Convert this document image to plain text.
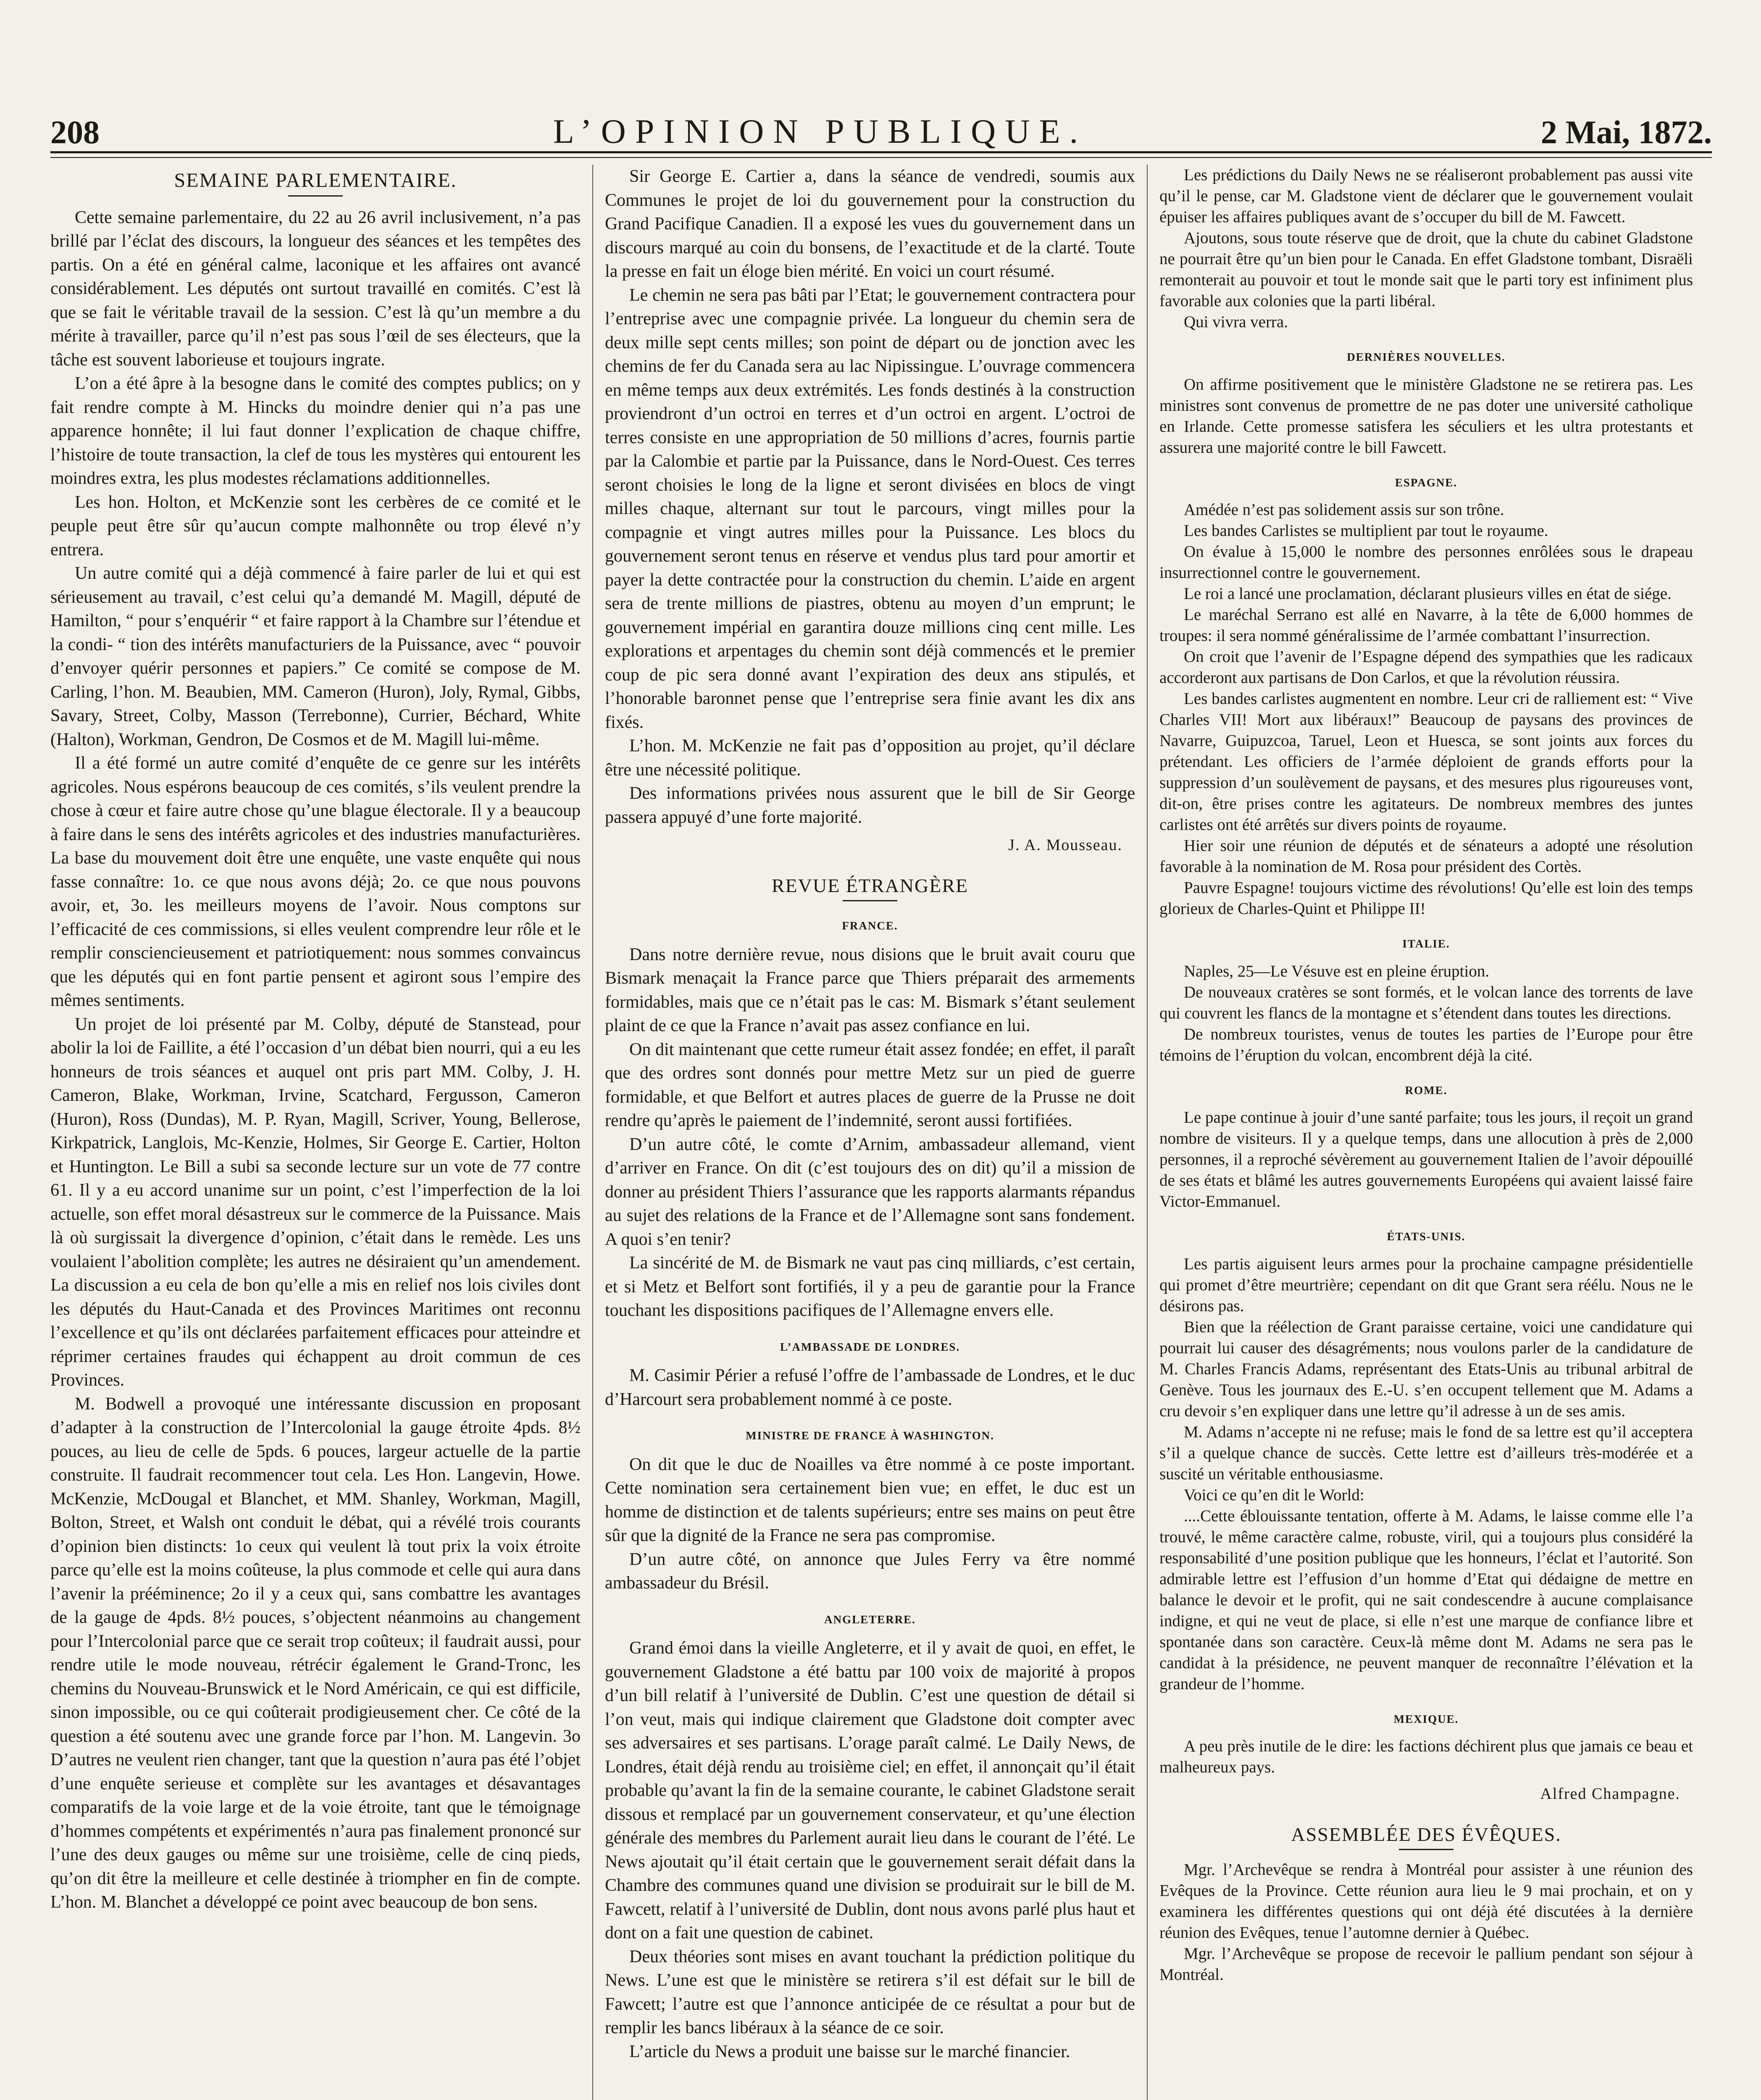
208	L’OPINION PUBLIQUE.	2 Mai, 1872.
SEMAINE PARLEMENTAIRE.

Cette semaine parlementaire, du 22 au 26 avril inclusivement, n’a pas brillé par l’éclat des discours, la longueur des séances et les tempêtes des partis. On a été en général calme, laconique et les affaires ont avancé considérablement. Les députés ont surtout travaillé en comités. C’est là que se fait le véritable travail de la session. C’est là qu’un membre a du mérite à travailler, parce qu’il n’est pas sous l’œil de ses électeurs, que la tâche est souvent laborieuse et toujours ingrate.

L’on a été âpre à la besogne dans le comité des comptes publics; on y fait rendre compte à M. Hincks du moindre denier qui n’a pas une apparence honnête; il lui faut donner l’explication de chaque chiffre, l’histoire de toute transaction, la clef de tous les mystères qui entourent les moindres extra, les plus modestes réclamations additionnelles.

Les hon. Holton, et McKenzie sont les cerbères de ce comité et le peuple peut être sûr qu’aucun compte malhonnête ou trop élevé n’y entrera.

Un autre comité qui a déjà commencé à faire parler de lui et qui est sérieusement au travail, c’est celui qu’a demandé M. Magill, député de Hamilton, “ pour s’enquérir “ et faire rapport à la Chambre sur l’étendue et la condi- “ tion des intérêts manufacturiers de la Puissance, avec “ pouvoir d’envoyer quérir personnes et papiers.” Ce comité se compose de M. Carling, l’hon. M. Beaubien, MM. Cameron (Huron), Joly, Rymal, Gibbs, Savary, Street, Colby, Masson (Terrebonne), Currier, Béchard, White (Halton), Workman, Gendron, De Cosmos et de M. Magill lui-même.

Il a été formé un autre comité d’enquête de ce genre sur les intérêts agricoles. Nous espérons beaucoup de ces comités, s’ils veulent prendre la chose à cœur et faire autre chose qu’une blague électorale. Il y a beaucoup à faire dans le sens des intérêts agricoles et des industries manufacturières. La base du mouvement doit être une enquête, une vaste enquête qui nous fasse connaître: 1o. ce que nous avons déjà; 2o. ce que nous pouvons avoir, et, 3o. les meilleurs moyens de l’avoir. Nous comptons sur l’efficacité de ces commissions, si elles veulent comprendre leur rôle et le remplir consciencieusement et patriotiquement: nous sommes convaincus que les députés qui en font partie pensent et agiront sous l’empire des mêmes sentiments.

Un projet de loi présenté par M. Colby, député de Stanstead, pour abolir la loi de Faillite, a été l’occasion d’un débat bien nourri, qui a eu les honneurs de trois séances et auquel ont pris part MM. Colby, J. H. Cameron, Blake, Workman, Irvine, Scatchard, Fergusson, Cameron (Huron), Ross (Dundas), M. P. Ryan, Magill, Scriver, Young, Bellerose, Kirkpatrick, Langlois, Mc-Kenzie, Holmes, Sir George E. Cartier, Holton et Huntington. Le Bill a subi sa seconde lecture sur un vote de 77 contre 61. Il y a eu accord unanime sur un point, c’est l’imperfection de la loi actuelle, son effet moral désastreux sur le commerce de la Puissance. Mais là où surgissait la divergence d’opinion, c’était dans le remède. Les uns voulaient l’abolition complète; les autres ne désiraient qu’un amendement. La discussion a eu cela de bon qu’elle a mis en relief nos lois civiles dont les députés du Haut-Canada et des Provinces Maritimes ont reconnu l’excellence et qu’ils ont déclarées parfaitement efficaces pour atteindre et réprimer certaines fraudes qui échappent au droit commun de ces Provinces.

M. Bodwell a provoqué une intéressante discussion en proposant d’adapter à la construction de l’Intercolonial la gauge étroite 4pds. 8½ pouces, au lieu de celle de 5pds. 6 pouces, largeur actuelle de la partie construite. Il faudrait recommencer tout cela. Les Hon. Langevin, Howe. McKenzie, McDougal et Blanchet, et MM. Shanley, Workman, Magill, Bolton, Street, et Walsh ont conduit le débat, qui a révélé trois courants d’opinion bien distincts: 1o ceux qui veulent là tout prix la voix étroite parce qu’elle est la moins coûteuse, la plus commode et celle qui aura dans l’avenir la prééminence; 2o il y a ceux qui, sans combattre les avantages de la gauge de 4pds. 8½ pouces, s’objectent néanmoins au changement pour l’Intercolonial parce que ce serait trop coûteux; il faudrait aussi, pour rendre utile le mode nouveau, rétrécir également le Grand-Tronc, les chemins du Nouveau-Brunswick et le Nord Américain, ce qui est difficile, sinon impossible, ou ce qui coûterait prodigieusement cher. Ce côté de la question a été soutenu avec une grande force par l’hon. M. Langevin. 3o D’autres ne veulent rien changer, tant que la question n’aura pas été l’objet d’une enquête serieuse et complète sur les avantages et désavantages comparatifs de la voie large et de la voie étroite, tant que le témoignage d’hommes compétents et expérimentés n’aura pas finalement prononcé sur l’une des deux gauges ou même sur une troisième, celle de cinq pieds, qu’on dit être la meilleure et celle destinée à triompher en fin de compte. L’hon. M. Blanchet a développé ce point avec beaucoup de bon sens.

Sir George E. Cartier a, dans la séance de vendredi, soumis aux Communes le projet de loi du gouvernement pour la construction du Grand Pacifique Canadien. Il a exposé les vues du gouvernement dans un discours marqué au coin du bonsens, de l’exactitude et de la clarté. Toute la presse en fait un éloge bien mérité. En voici un court résumé.

Le chemin ne sera pas bâti par l’Etat; le gouvernement contractera pour l’entreprise avec une compagnie privée. La longueur du chemin sera de deux mille sept cents milles; son point de départ ou de jonction avec les chemins de fer du Canada sera au lac Nipissingue. L’ouvrage commencera en même temps aux deux extrémités. Les fonds destinés à la construction proviendront d’un octroi en terres et d’un octroi en argent. L’octroi de terres consiste en une appropriation de 50 millions d’acres, fournis partie par la Calombie et partie par la Puissance, dans le Nord-Ouest. Ces terres seront choisies le long de la ligne et seront divisées en blocs de vingt milles chaque, alternant sur tout le parcours, vingt milles pour la compagnie et vingt autres milles pour la Puissance. Les blocs du gouvernement seront tenus en réserve et vendus plus tard pour amortir et payer la dette contractée pour la construction du chemin. L’aide en argent sera de trente millions de piastres, obtenu au moyen d’un emprunt; le gouvernement impérial en garantira douze millions cinq cent mille. Les explorations et arpentages du chemin sont déjà commencés et le premier coup de pic sera donné avant l’expiration des deux ans stipulés, et l’honorable baronnet pense que l’entreprise sera finie avant les dix ans fixés.

L’hon. M. McKenzie ne fait pas d’opposition au projet, qu’il déclare être une nécessité politique.

Des informations privées nous assurent que le bill de Sir George passera appuyé d’une forte majorité.

J. A. Mousseau.
REVUE ÉTRANGÈRE
FRANCE.

Dans notre dernière revue, nous disions que le bruit avait couru que Bismark menaçait la France parce que Thiers préparait des armements formidables, mais que ce n’était pas le cas: M. Bismark s’étant seulement plaint de ce que la France n’avait pas assez confiance en lui.

On dit maintenant que cette rumeur était assez fondée; en effet, il paraît que des ordres sont donnés pour mettre Metz sur un pied de guerre formidable, et que Belfort et autres places de guerre de la Prusse ne doit rendre qu’après le paiement de l’indemnité, seront aussi fortifiées.

D’un autre côté, le comte d’Arnim, ambassadeur allemand, vient d’arriver en France. On dit (c’est toujours des on dit) qu’il a mission de donner au président Thiers l’assurance que les rapports alarmants répandus au sujet des relations de la France et de l’Allemagne sont sans fondement. A quoi s’en tenir?

La sincérité de M. de Bismark ne vaut pas cinq milliards, c’est certain, et si Metz et Belfort sont fortifiés, il y a peu de garantie pour la France touchant les dispositions pacifiques de l’Allemagne envers elle.

L’AMBASSADE DE LONDRES.

M. Casimir Périer a refusé l’offre de l’ambassade de Londres, et le duc d’Harcourt sera probablement nommé à ce poste.

MINISTRE DE FRANCE À WASHINGTON.

On dit que le duc de Noailles va être nommé à ce poste important. Cette nomination sera certainement bien vue; en effet, le duc est un homme de distinction et de talents supérieurs; entre ses mains on peut être sûr que la dignité de la France ne sera pas compromise.

D’un autre côté, on annonce que Jules Ferry va être nommé ambassadeur du Brésil.

ANGLETERRE.

Grand émoi dans la vieille Angleterre, et il y avait de quoi, en effet, le gouvernement Gladstone a été battu par 100 voix de majorité à propos d’un bill relatif à l’université de Dublin. C’est une question de détail si l’on veut, mais qui indique clairement que Gladstone doit compter avec ses adversaires et ses partisans. L’orage paraît calmé. Le Daily News, de Londres, était déjà rendu au troisième ciel; en effet, il annonçait qu’il était probable qu’avant la fin de la semaine courante, le cabinet Gladstone serait dissous et remplacé par un gouvernement conservateur, et qu’une élection générale des membres du Parlement aurait lieu dans le courant de l’été. Le News ajoutait qu’il était certain que le gouvernement serait défait dans la Chambre des communes quand une division se produirait sur le bill de M. Fawcett, relatif à l’université de Dublin, dont nous avons parlé plus haut et dont on a fait une question de cabinet.

Deux théories sont mises en avant touchant la prédiction politique du News. L’une est que le ministère se retirera s’il est défait sur le bill de Fawcett; l’autre est que l’annonce anticipée de ce résultat a pour but de remplir les bancs libéraux à la séance de ce soir.

L’article du News a produit une baisse sur le marché financier.

Les prédictions du Daily News ne se réaliseront probablement pas aussi vite qu’il le pense, car M. Gladstone vient de déclarer que le gouvernement voulait épuiser les affaires publiques avant de s’occuper du bill de M. Fawcett.

Ajoutons, sous toute réserve que de droit, que la chute du cabinet Gladstone ne pourrait être qu’un bien pour le Canada. En effet Gladstone tombant, Disraëli remonterait au pouvoir et tout le monde sait que le parti tory est infiniment plus favorable aux colonies que la parti libéral.

Qui vivra verra.

DERNIÈRES NOUVELLES.

On affirme positivement que le ministère Gladstone ne se retirera pas. Les ministres sont convenus de promettre de ne pas doter une université catholique en Irlande. Cette promesse satisfera les séculiers et les ultra protestants et assurera une majorité contre le bill Fawcett.

ESPAGNE.

Amédée n’est pas solidement assis sur son trône.

Les bandes Carlistes se multiplient par tout le royaume.

On évalue à 15,000 le nombre des personnes enrôlées sous le drapeau insurrectionnel contre le gouvernement.

Le roi a lancé une proclamation, déclarant plusieurs villes en état de siége.

Le maréchal Serrano est allé en Navarre, à la tête de 6,000 hommes de troupes: il sera nommé généralissime de l’armée combattant l’insurrection.

On croit que l’avenir de l’Espagne dépend des sympathies que les radicaux accorderont aux partisans de Don Carlos, et que la révolution réussira.

Les bandes carlistes augmentent en nombre. Leur cri de ralliement est: “ Vive Charles VII! Mort aux libéraux!” Beaucoup de paysans des provinces de Navarre, Guipuzcoa, Taruel, Leon et Huesca, se sont joints aux forces du prétendant. Les officiers de l’armée déploient de grands efforts pour la suppression d’un soulèvement de paysans, et des mesures plus rigoureuses vont, dit-on, être prises contre les agitateurs. De nombreux membres des juntes carlistes ont été arrêtés sur divers points de royaume.

Hier soir une réunion de députés et de sénateurs a adopté une résolution favorable à la nomination de M. Rosa pour président des Cortès.

Pauvre Espagne! toujours victime des révolutions! Qu’elle est loin des temps glorieux de Charles-Quint et Philippe II!

ITALIE.

Naples, 25—Le Vésuve est en pleine éruption.

De nouveaux cratères se sont formés, et le volcan lance des torrents de lave qui couvrent les flancs de la montagne et s’étendent dans toutes les directions.

De nombreux touristes, venus de toutes les parties de l’Europe pour être témoins de l’éruption du volcan, encombrent déjà la cité.

ROME.

Le pape continue à jouir d’une santé parfaite; tous les jours, il reçoit un grand nombre de visiteurs. Il y a quelque temps, dans une allocution à près de 2,000 personnes, il a reproché sévèrement au gouvernement Italien de l’avoir dépouillé de ses états et blâmé les autres gouvernements Européens qui avaient laissé faire Victor-Emmanuel.

ÉTATS-UNIS.

Les partis aiguisent leurs armes pour la prochaine campagne présidentielle qui promet d’être meurtrière; cependant on dit que Grant sera réélu. Nous ne le désirons pas.

Bien que la réélection de Grant paraisse certaine, voici une candidature qui pourrait lui causer des désagréments; nous voulons parler de la candidature de M. Charles Francis Adams, représentant des Etats-Unis au tribunal arbitral de Genève. Tous les journaux des E.-U. s’en occupent tellement que M. Adams a cru devoir s’en expliquer dans une lettre qu’il adresse à un de ses amis.

M. Adams n’accepte ni ne refuse; mais le fond de sa lettre est qu’il acceptera s’il a quelque chance de succès. Cette lettre est d’ailleurs très-modérée et a suscité un véritable enthousiasme.

Voici ce qu’en dit le World:

....Cette éblouissante tentation, offerte à M. Adams, le laisse comme elle l’a trouvé, le même caractère calme, robuste, viril, qui a toujours plus considéré la responsabilité d’une position publique que les honneurs, l’éclat et l’autorité. Son admirable lettre est l’effusion d’un homme d’Etat qui dédaigne de mettre en balance le devoir et le profit, qui ne sait condescendre à aucune complaisance indigne, et qui ne veut de place, si elle n’est une marque de confiance libre et spontanée dans son caractère. Ceux-là même dont M. Adams ne sera pas le candidat à la présidence, ne peuvent manquer de reconnaître l’élévation et la grandeur de l’homme.

MEXIQUE.

A peu près inutile de le dire: les factions déchirent plus que jamais ce beau et malheureux pays.

Alfred Champagne.
ASSEMBLÉE DES ÉVÊQUES.

Mgr. l’Archevêque se rendra à Montréal pour assister à une réunion des Evêques de la Province. Cette réunion aura lieu le 9 mai prochain, et on y examinera les différentes questions qui ont déjà été discutées à la dernière réunion des Evêques, tenue l’automne dernier à Québec.

Mgr. l’Archevêque se propose de recevoir le pallium pendant son séjour à Montréal.
